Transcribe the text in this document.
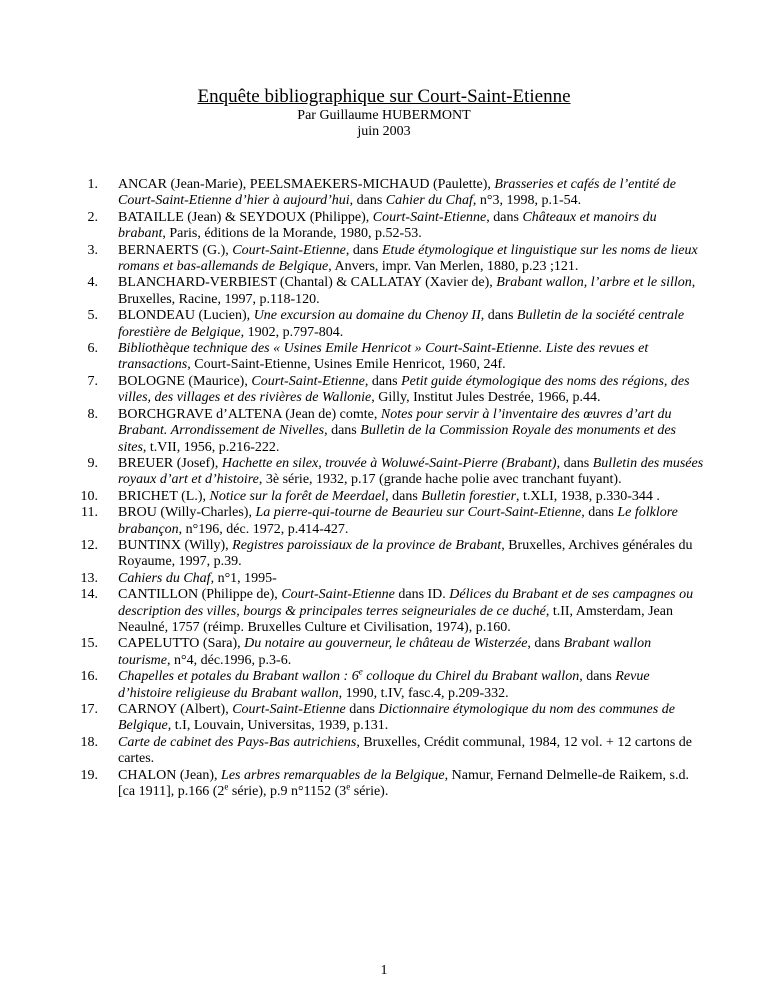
Enquête bibliographique sur Court-Saint-Etienne
Par Guillaume HUBERMONT
juin 2003
1. ANCAR (Jean-Marie), PEELSMAEKERS-MICHAUD (Paulette), Brasseries et cafés de l’entité de Court-Saint-Etienne d’hier à aujourd’hui, dans Cahier du Chaf, n°3, 1998, p.1-54.
2. BATAILLE (Jean) & SEYDOUX (Philippe), Court-Saint-Etienne, dans Châteaux et manoirs du brabant, Paris, éditions de la Morande, 1980, p.52-53.
3. BERNAERTS (G.), Court-Saint-Etienne, dans Etude étymologique et linguistique sur les noms de lieux romans et bas-allemands de Belgique, Anvers, impr. Van Merlen, 1880, p.23 ;121.
4. BLANCHARD-VERBIEST (Chantal) & CALLATAY (Xavier de), Brabant wallon, l’arbre et le sillon, Bruxelles, Racine, 1997, p.118-120.
5. BLONDEAU (Lucien), Une excursion au domaine du Chenoy II, dans Bulletin de la société centrale forestière de Belgique, 1902, p.797-804.
6. Bibliothèque technique des « Usines Emile Henricot » Court-Saint-Etienne. Liste des revues et transactions, Court-Saint-Etienne, Usines Emile Henricot, 1960, 24f.
7. BOLOGNE (Maurice), Court-Saint-Etienne, dans Petit guide étymologique des noms des régions, des villes, des villages et des rivières de Wallonie, Gilly, Institut Jules Destrée, 1966, p.44.
8. BORCHGRAVE d’ALTENA (Jean de) comte, Notes pour servir à l’inventaire des œuvres d’art du Brabant. Arrondissement de Nivelles, dans Bulletin de la Commission Royale des monuments et des sites, t.VII, 1956, p.216-222.
9. BREUER (Josef), Hachette en silex, trouvée à Woluwé-Saint-Pierre (Brabant), dans Bulletin des musées royaux d’art et d’histoire, 3è série, 1932, p.17 (grande hache polie avec tranchant fuyant).
10. BRICHET (L.), Notice sur la forêt de Meerdael, dans Bulletin forestier, t.XLI, 1938, p.330-344 .
11. BROU (Willy-Charles), La pierre-qui-tourne de Beaurieu sur Court-Saint-Etienne, dans Le folklore brabançon, n°196, déc. 1972, p.414-427.
12. BUNTINX (Willy), Registres paroissiaux de la province de Brabant, Bruxelles, Archives générales du Royaume, 1997, p.39.
13. Cahiers du Chaf, n°1, 1995-
14. CANTILLON (Philippe de), Court-Saint-Etienne dans ID. Délices du Brabant et de ses campagnes ou description des villes, bourgs & principales terres seigneuriales de ce duché, t.II, Amsterdam, Jean Neaulné, 1757 (réimp. Bruxelles Culture et Civilisation, 1974), p.160.
15. CAPELUTTO (Sara), Du notaire au gouverneur, le château de Wisterzée, dans Brabant wallon tourisme, n°4, déc.1996, p.3-6.
16. Chapelles et potales du Brabant wallon : 6e colloque du Chirel du Brabant wallon, dans Revue d’histoire religieuse du Brabant wallon, 1990, t.IV, fasc.4, p.209-332.
17. CARNOY (Albert), Court-Saint-Etienne dans Dictionnaire étymologique du nom des communes de Belgique, t.I, Louvain, Universitas, 1939, p.131.
18. Carte de cabinet des Pays-Bas autrichiens, Bruxelles, Crédit communal, 1984, 12 vol. + 12 cartons de cartes.
19. CHALON (Jean), Les arbres remarquables de la Belgique, Namur, Fernand Delmelle-de Raikem, s.d. [ca 1911], p.166 (2e série), p.9 n°1152 (3e série).
1
